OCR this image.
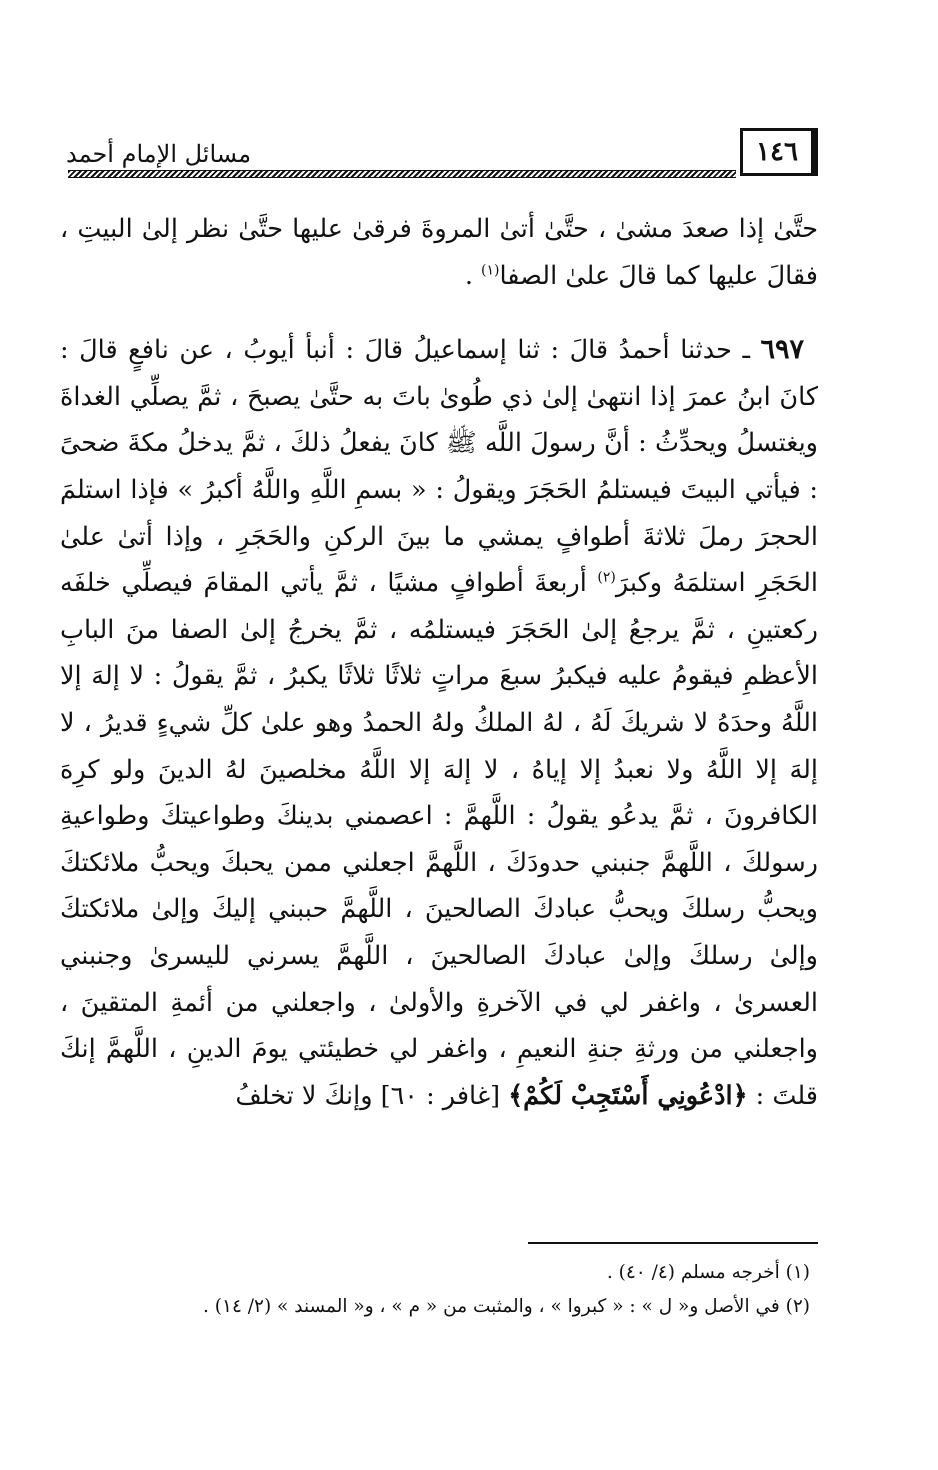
١٤٦
مسائل الإمام أحمد

حتَّىٰ إذا صعدَ مشىٰ ، حتَّىٰ أتىٰ المروةَ فرقىٰ عليها حتَّىٰ نظر إلىٰ البيتِ ، فقالَ عليها كما قالَ علىٰ الصفا$^{(١)}$ .

٦٩٧ ـ حدثنا أحمدُ قالَ : ثنا إسماعيلُ قالَ : أنبأ أيوبُ ، عن نافعٍ قالَ : كانَ ابنُ عمرَ إذا انتهىٰ إلىٰ ذي طُوىٰ باتَ به حتَّىٰ يصبحَ ، ثمَّ يصلِّي الغداةَ ويغتسلُ ويحدِّثُ : أنَّ رسولَ اللَّه ﷺ كانَ يفعلُ ذلكَ ، ثمَّ يدخلُ مكةَ ضحىً : فيأتي البيتَ فيستلمُ الحَجَرَ ويقولُ : « بسمِ اللَّهِ واللَّهُ أكبرُ » فإذا استلمَ الحجرَ رملَ ثلاثةَ أطوافٍ يمشي ما بينَ الركنِ والحَجَرِ ، وإذا أتىٰ علىٰ الحَجَرِ استلمَهُ وكبرَ$^{(٢)}$ أربعةَ أطوافٍ مشيًا ، ثمَّ يأتي المقامَ فيصلِّي خلفَه ركعتينِ ، ثمَّ يرجعُ إلىٰ الحَجَرَ فيستلمُه ، ثمَّ يخرجُ إلىٰ الصفا منَ البابِ الأعظمِ فيقومُ عليه فيكبرُ سبعَ مراتٍ ثلاثًا ثلاثًا يكبرُ ، ثمَّ يقولُ : لا إلهَ إلا اللَّهُ وحدَهُ لا شريكَ لَهُ ، لهُ الملكُ ولهُ الحمدُ وهو علىٰ كلِّ شيءٍ قديرُ ، لا إلهَ إلا اللَّهُ ولا نعبدُ إلا إياهُ ، لا إلهَ إلا اللَّهُ مخلصينَ لهُ الدينَ ولو كرِهَ الكافرونَ ، ثمَّ يدعُو يقولُ : اللَّهمَّ : اعصمني بدينكَ وطواعيتكَ وطواعيةِ رسولكَ ، اللَّهمَّ جنبني حدودَكَ ، اللَّهمَّ اجعلني ممن يحبكَ ويحبُّ ملائكتكَ ويحبُّ رسلكَ ويحبُّ عبادكَ الصالحينَ ، اللَّهمَّ حببني إليكَ وإلىٰ ملائكتكَ وإلىٰ رسلكَ وإلىٰ عبادكَ الصالحينَ ، اللَّهمَّ يسرني لليسرىٰ وجنبني العسرىٰ ، واغفر لي في الآخرةِ والأولىٰ ، واجعلني من أئمةِ المتقينَ ، واجعلني من ورثةِ جنةِ النعيمِ ، واغفر لي خطيئتي يومَ الدينِ ، اللَّهمَّ إنكَ قلتَ : ﴿ادْعُونِي أَسْتَجِبْ لَكُمْ﴾ [غافر : ٦٠] وإنكَ لا تخلفُ

(١) أخرجه مسلم (٤/ ٤٠) .

(٢) في الأصل و« ل » : « كبروا » ، والمثبت من « م » ، و« المسند » (٢/ ١٤) .
